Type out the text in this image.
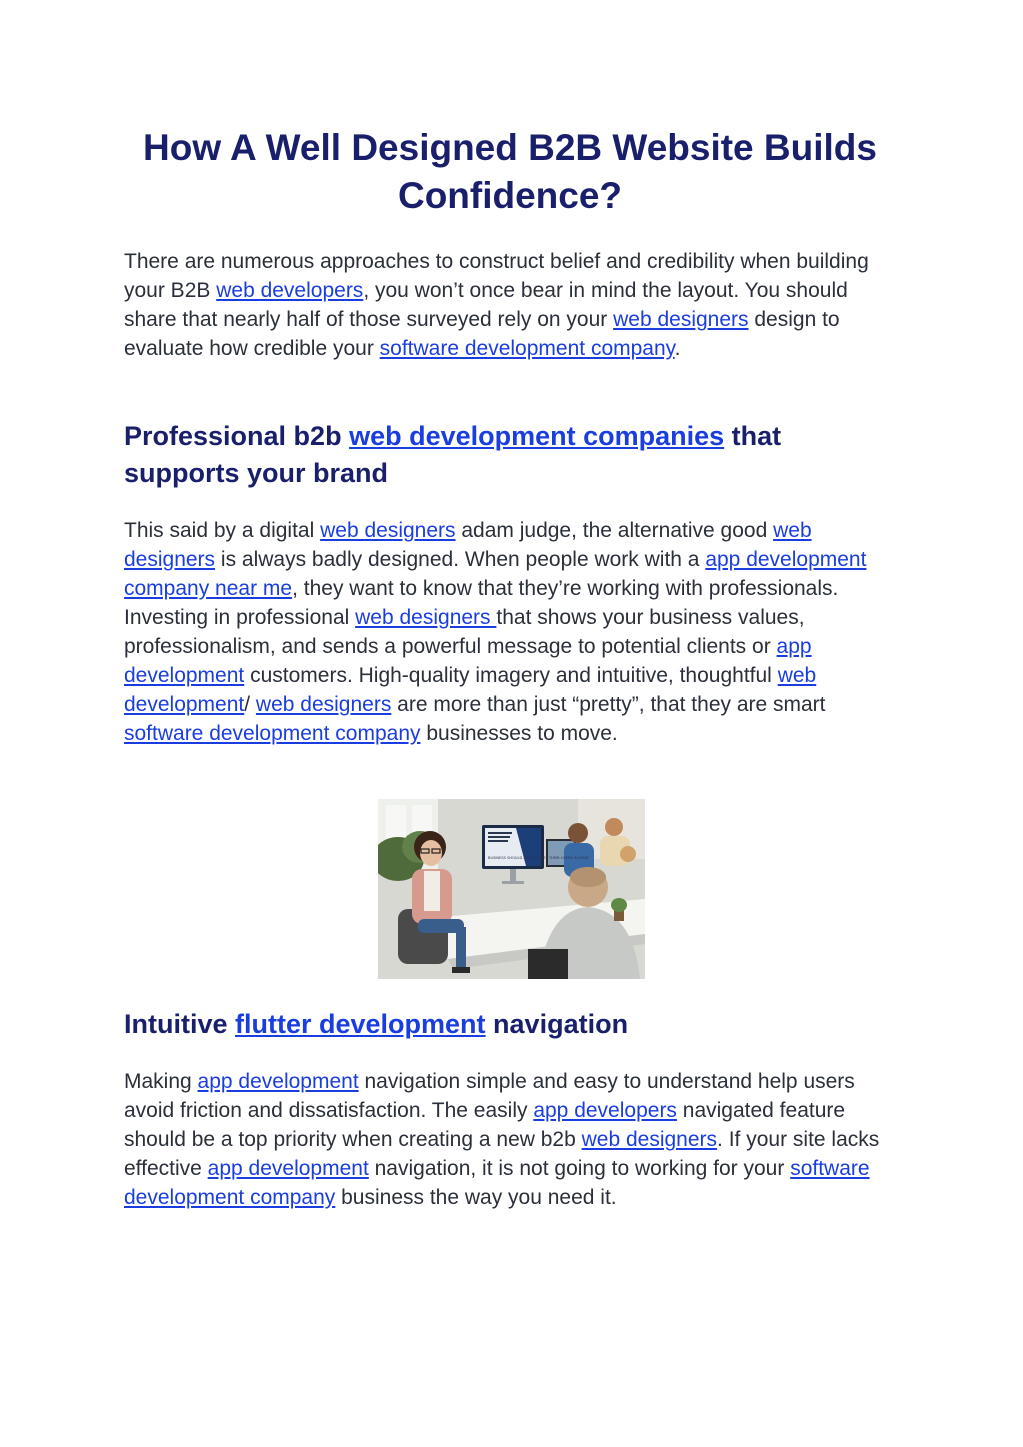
How A Well Designed B2B Website Builds Confidence?

There are numerous approaches to construct belief and credibility when building your B2B web developers, you won’t once bear in mind the layout. You should share that nearly half of those surveyed rely on your web designers design to evaluate how credible your software development company.

Professional b2b web development companies that supports your brand

This said by a digital web designers adam judge, the alternative good web designers is always badly designed. When people work with a app development company near me, they want to know that they’re working with professionals. Investing in professional web designers that shows your business values, professionalism, and sends a powerful message to potential clients or app development customers. High-quality imagery and intuitive, thoughtful web development/ web designers are more than just “pretty”, that they are smart software development company businesses to move.

BUSINESS SHOULD ALWAYS KEEP THEIR USERS IN MIND
Intuitive flutter development navigation

Making app development navigation simple and easy to understand help users avoid friction and dissatisfaction. The easily app developers navigated feature should be a top priority when creating a new b2b web designers. If your site lacks effective app development navigation, it is not going to working for your software development company business the way you need it.
